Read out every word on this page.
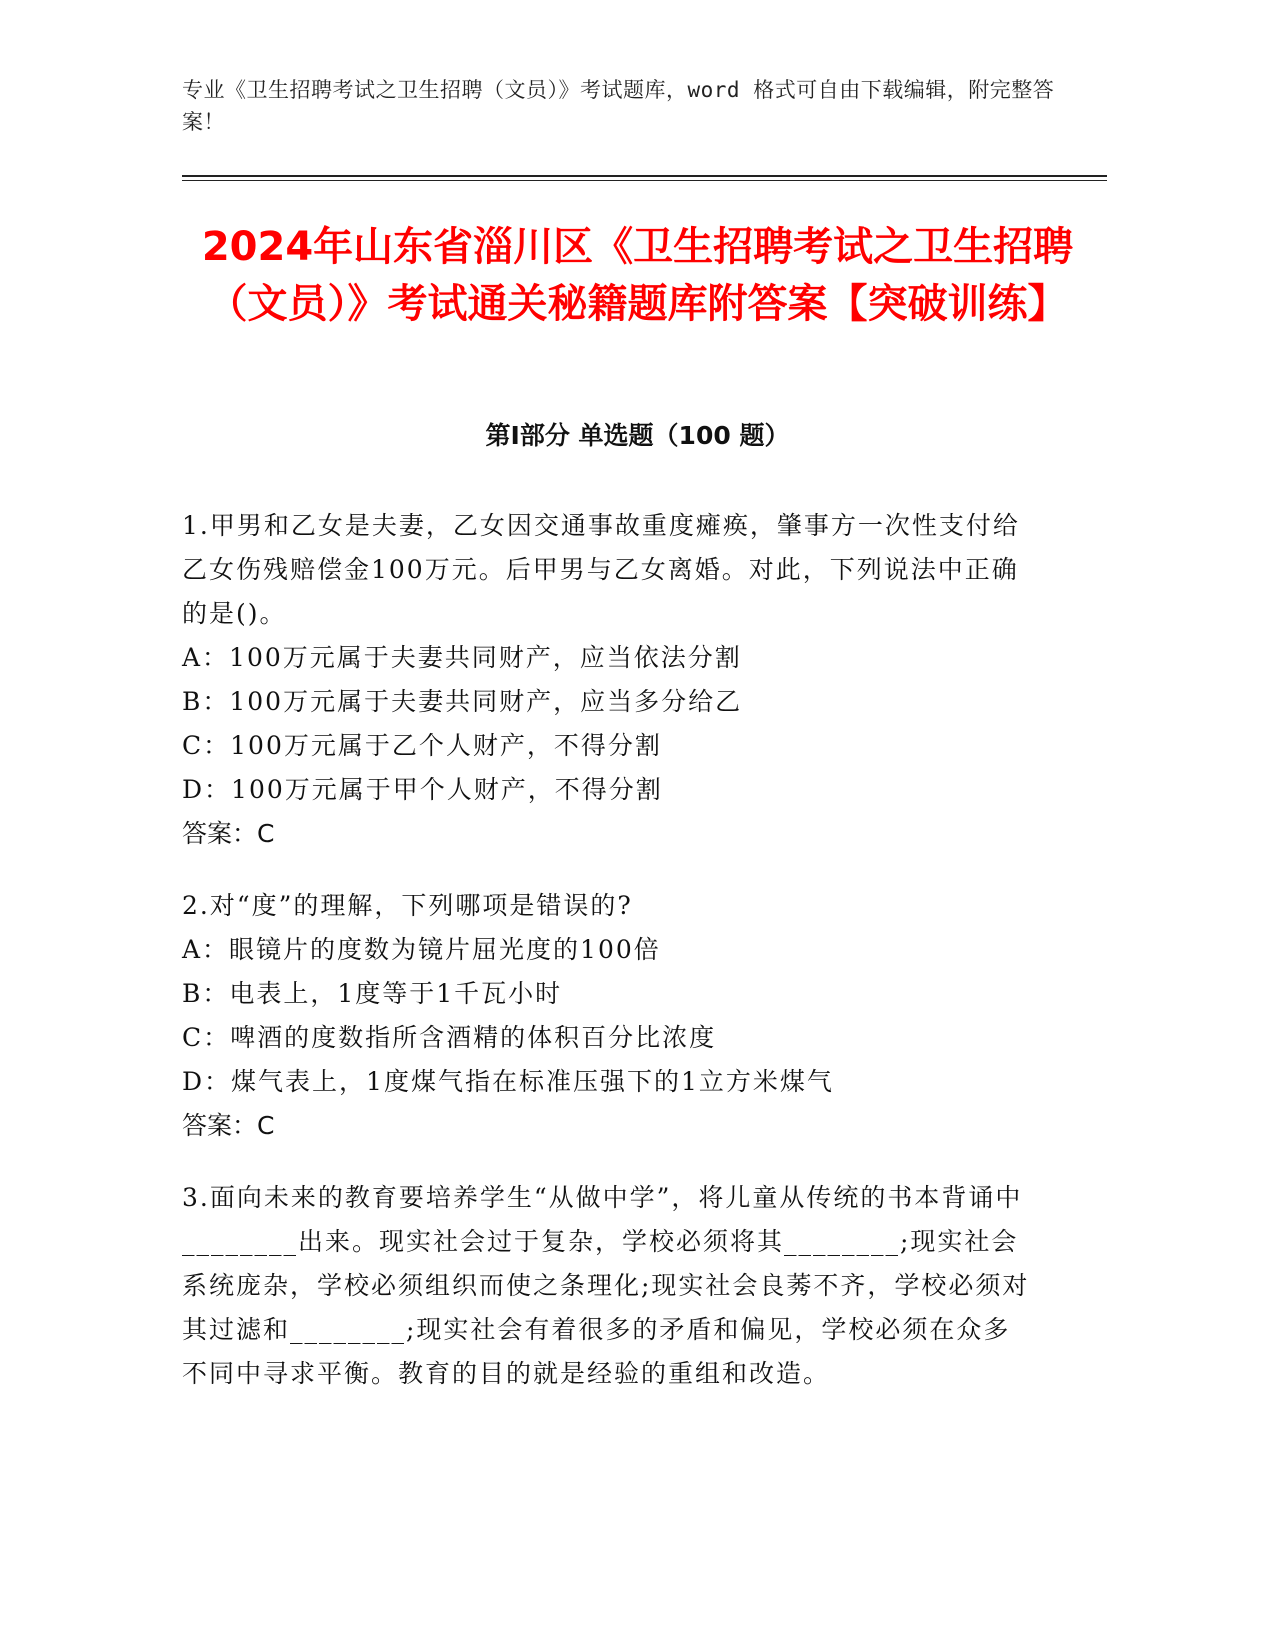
专业《卫生招聘考试之卫生招聘（文员）》考试题库，word 格式可自由下载编辑，附完整答案！
2024年山东省淄川区《卫生招聘考试之卫生招聘（文员）》考试通关秘籍题库附答案【突破训练】
第Ⅰ部分 单选题（100 题）

1.甲男和乙女是夫妻，乙女因交通事故重度瘫痪，肇事方一次性支付给乙女伤残赔偿金100万元。后甲男与乙女离婚。对此，下列说法中正确的是()。

A：100万元属于夫妻共同财产，应当依法分割

B：100万元属于夫妻共同财产，应当多分给乙

C：100万元属于乙个人财产，不得分割

D：100万元属于甲个人财产，不得分割

答案：C

2.对“度”的理解，下列哪项是错误的?

A：眼镜片的度数为镜片屈光度的100倍

B：电表上，1度等于1千瓦小时

C：啤酒的度数指所含酒精的体积百分比浓度

D：煤气表上，1度煤气指在标准压强下的1立方米煤气

答案：C

3.面向未来的教育要培养学生“从做中学”，将儿童从传统的书本背诵中________出来。现实社会过于复杂，学校必须将其________;现实社会系统庞杂，学校必须组织而使之条理化;现实社会良莠不齐，学校必须对其过滤和________;现实社会有着很多的矛盾和偏见，学校必须在众多不同中寻求平衡。教育的目的就是经验的重组和改造。
